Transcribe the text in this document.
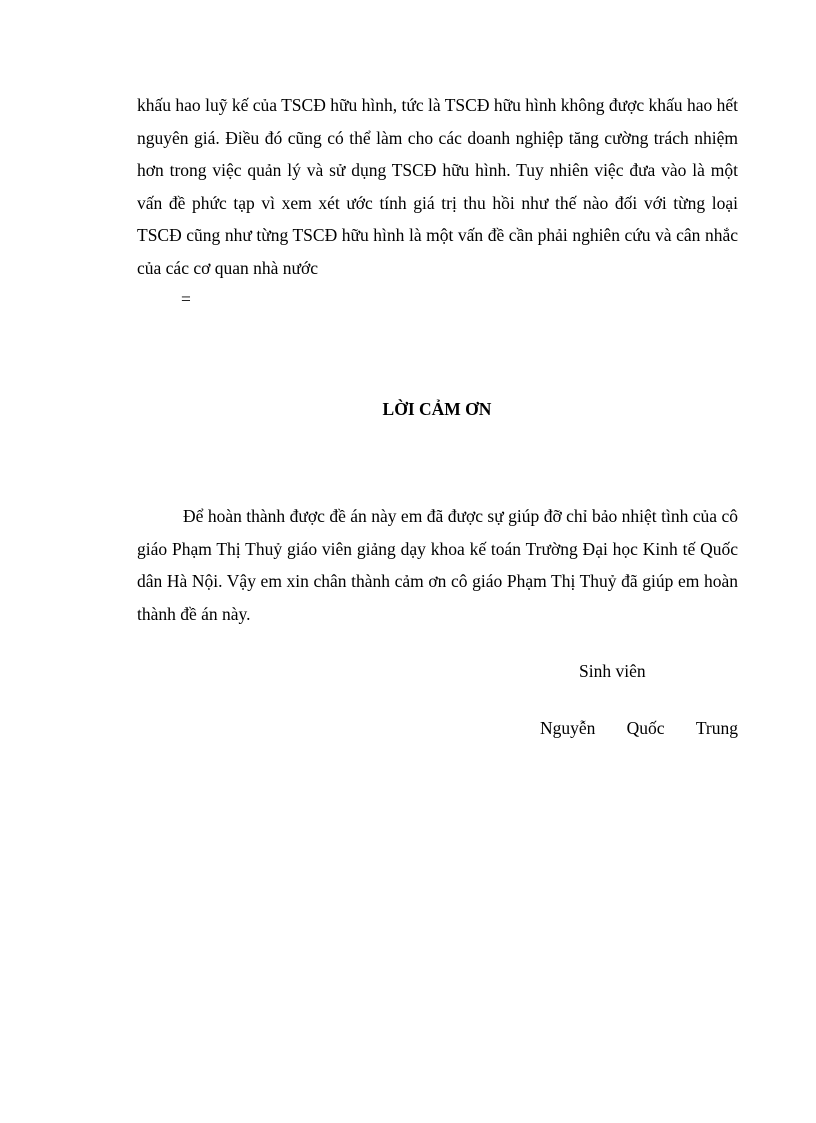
khấu hao luỹ kế của TSCĐ hữu hình, tức là TSCĐ hữu hình không được khấu hao hết nguyên giá. Điều đó cũng có thể làm cho các doanh nghiệp tăng cường trách nhiệm hơn trong việc quản lý và sử dụng TSCĐ hữu hình. Tuy nhiên việc đưa vào là một vấn đề phức tạp vì xem xét ước tính giá trị thu hồi như thế nào đối với từng loại TSCĐ cũng như từng TSCĐ hữu hình là một vấn đề cần phải nghiên cứu và cân nhắc của các cơ quan nhà nước

=
LỜI CẢM ƠN

Để hoàn thành được đề án này em đã được sự giúp đỡ chỉ bảo nhiệt tình của cô giáo Phạm Thị Thuỷ giáo viên giảng dạy khoa kế toán Trường Đại học Kinh tế Quốc dân Hà Nội. Vậy em xin chân thành cảm ơn cô giáo Phạm Thị Thuỷ đã giúp em hoàn thành đề án này.

Sinh viên
Nguyễn Quốc Trung
